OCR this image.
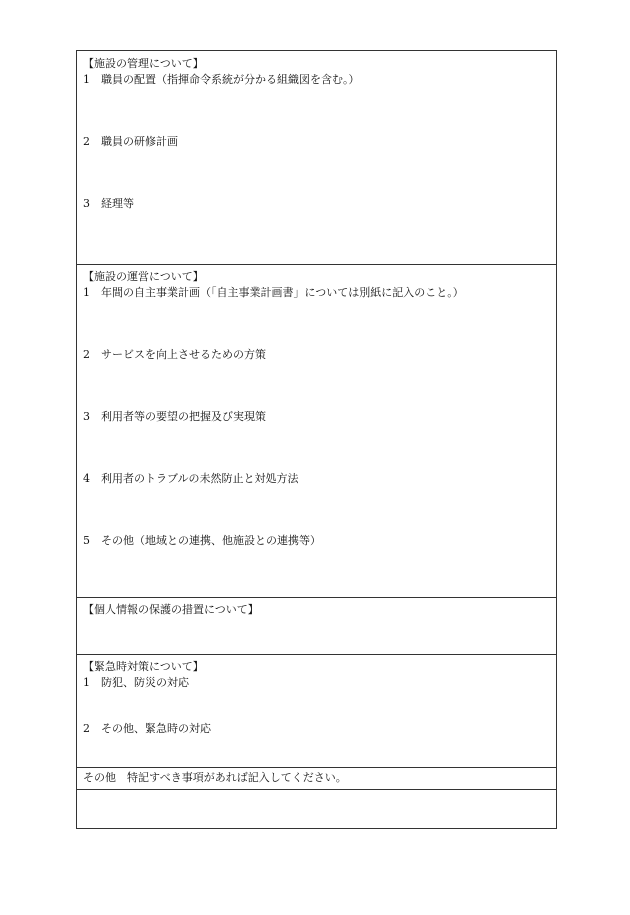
【施設の管理について】
1 職員の配置（指揮命令系統が分かる組織図を含む。）
2 職員の研修計画
3 経理等
【施設の運営について】
1 年間の自主事業計画（「自主事業計画書」については別紙に記入のこと。）
2 サービスを向上させるための方策
3 利用者等の要望の把握及び実現策
4 利用者のトラブルの未然防止と対処方法
5 その他（地域との連携、他施設との連携等）
【個人情報の保護の措置について】
【緊急時対策について】
1 防犯、防災の対応
2 その他、緊急時の対応
その他　特記すべき事項があれば記入してください。
